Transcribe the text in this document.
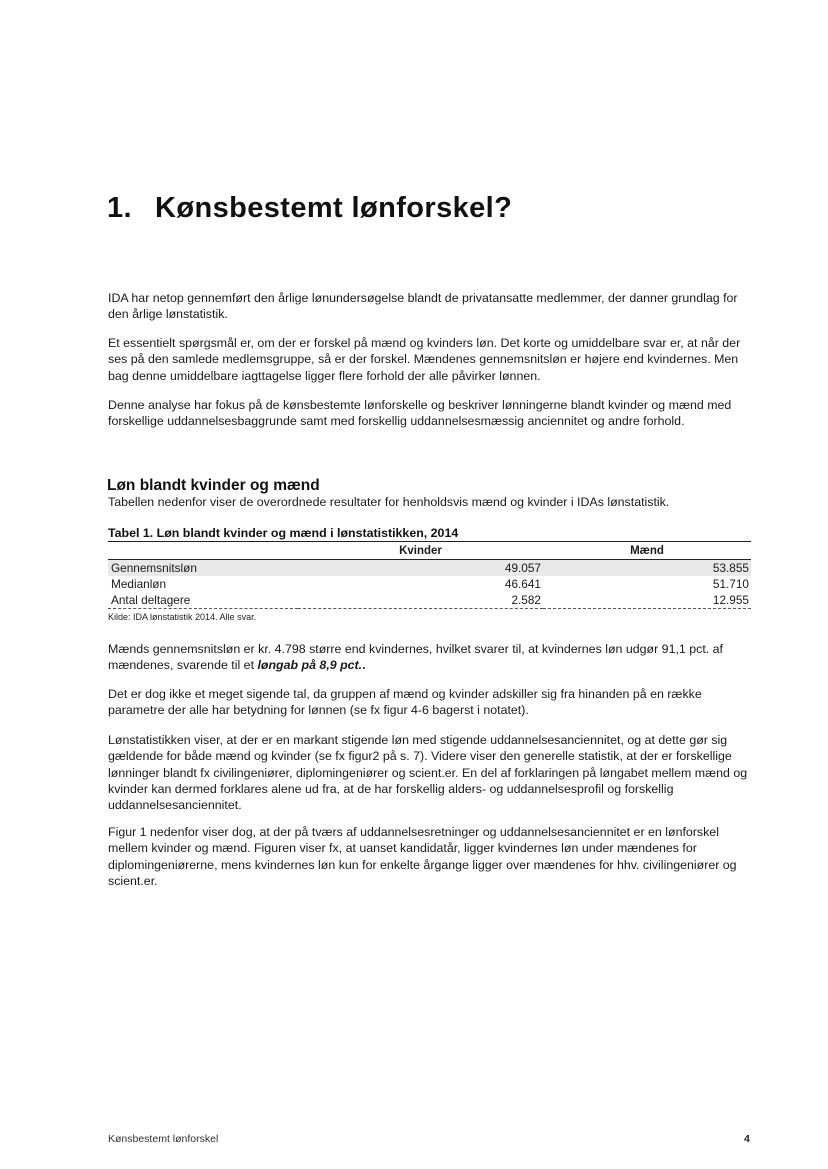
1. Kønsbestemt lønforskel?

IDA har netop gennemført den årlige lønundersøgelse blandt de privatansatte medlemmer, der danner grundlag for den årlige lønstatistik.

Et essentielt spørgsmål er, om der er forskel på mænd og kvinders løn. Det korte og umiddelbare svar er, at når der ses på den samlede medlemsgruppe, så er der forskel. Mændenes gennemsnitsløn er højere end kvindernes. Men bag denne umiddelbare iagttagelse ligger flere forhold der alle påvirker lønnen.

Denne analyse har fokus på de kønsbestemte lønforskelle og beskriver lønningerne blandt kvinder og mænd med forskellige uddannelsesbaggrunde samt med forskellig uddannelsesmæssig anciennitet og andre forhold.

Løn blandt kvinder og mænd

Tabellen nedenfor viser de overordnede resultater for henholdsvis mænd og kvinder i IDAs lønstatistik.

Tabel 1. Løn blandt kvinder og mænd i lønstatistikken, 2014

	Kvinder	Mænd
Gennemsnitsløn	49.057	53.855
Medianløn	46.641	51.710
Antal deltagere	2.582	12.955

Kilde: IDA lønstatistik 2014. Alle svar.

Mænds gennemsnitsløn er kr. 4.798 større end kvindernes, hvilket svarer til, at kvindernes løn udgør 91,1 pct. af mændenes, svarende til et løngab på 8,9 pct..

Det er dog ikke et meget sigende tal, da gruppen af mænd og kvinder adskiller sig fra hinanden på en række parametre der alle har betydning for lønnen (se fx figur 4-6 bagerst i notatet).

Lønstatistikken viser, at der er en markant stigende løn med stigende uddannelsesanciennitet, og at dette gør sig gældende for både mænd og kvinder (se fx figur2 på s. 7). Videre viser den generelle statistik, at der er forskellige lønninger blandt fx civilingeniører, diplomingeniører og scient.er. En del af forklaringen på løngabet mellem mænd og kvinder kan dermed forklares alene ud fra, at de har forskellig alders- og uddannelsesprofil og forskellig uddannelsesanciennitet.

Figur 1 nedenfor viser dog, at der på tværs af uddannelsesretninger og uddannelsesanciennitet er en lønforskel mellem kvinder og mænd. Figuren viser fx, at uanset kandidatår, ligger kvindernes løn under mændenes for diplomingeniørerne, mens kvindernes løn kun for enkelte årgange ligger over mændenes for hhv. civilingeniører og scient.er.

Kønsbestemt lønforskel	4
